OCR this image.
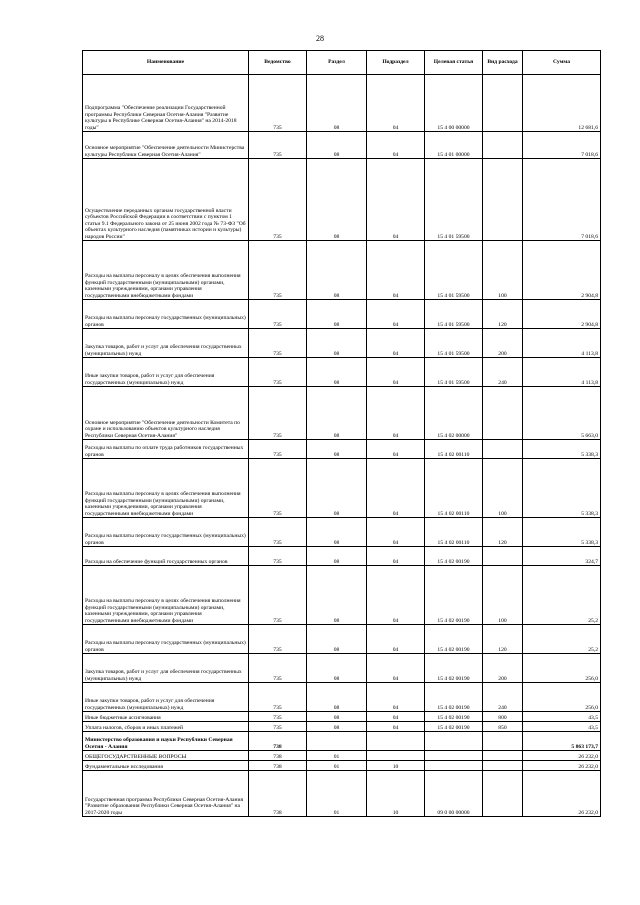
28
Наименование	Ведомство	Раздел	Подраздел	Целевая статья	Вид расхода	Сумма

Подпрограмма "Обеспечение реализации Государственной программы Республики Северная Осетия-Алания "Развитие культуры в Республике Северная Осетия-Алания" на 2014-2018 годы"	735	08	04	15 4 00 00000		12 681,6

Основное мероприятие "Обеспечение деятельности Министерства культуры Республики Северная Осетия-Алания"	735	08	04	15 4 01 00000		7 018,6

Осуществление переданных органам государственной власти субъектов Российской Федерации в соответствии с пунктом 1 статьи 9.1 Федерального закона от 25 июня 2002 года № 73-ФЗ "Об объектах культурного наследия (памятниках истории и культуры) народов России"	735	08	04	15 4 01 59500		7 018,6

Расходы на выплаты персоналу в целях обеспечения выполнения функций государственными (муниципальными) органами, казенными учреждениями, органами управления государственными внебюджетными фондами	735	08	04	15 4 01 59500	100	2 904,8

Расходы на выплаты персоналу государственных (муниципальных) органов	735	08	04	15 4 01 59500	120	2 904,8

Закупка товаров, работ и услуг для обеспечения государственных (муниципальных) нужд	735	08	04	15 4 01 59500	200	4 113,8

Иные закупки товаров, работ и услуг для обеспечения государственных (муниципальных) нужд	735	08	04	15 4 01 59500	240	4 113,8

Основное мероприятие "Обеспечение деятельности Комитета по охране и использованию объектов культурного наследия Республики Северная Осетия-Алания"	735	08	04	15 4 02 00000		5 663,0

Расходы на выплаты по оплате труда работников государственных органов	735	08	04	15 4 02 00110		5 338,3

Расходы на выплаты персоналу в целях обеспечения выполнения функций государственными (муниципальными) органами, казенными учреждениями, органами управления государственными внебюджетными фондами	735	08	04	15 4 02 00110	100	5 338,3

Расходы на выплаты персоналу государственных (муниципальных) органов	735	08	04	15 4 02 00110	120	5 338,3

Расходы на обеспечение функций государственных органов	735	08	04	15 4 02 00190		324,7

Расходы на выплаты персоналу в целях обеспечения выполнения функций государственными (муниципальными) органами, казенными учреждениями, органами управления государственными внебюджетными фондами	735	08	04	15 4 02 00190	100	25,2

Расходы на выплаты персоналу государственных (муниципальных) органов	735	08	04	15 4 02 00190	120	25,2

Закупка товаров, работ и услуг для обеспечения государственных (муниципальных) нужд	735	08	04	15 4 02 00190	200	256,0

Иные закупки товаров, работ и услуг для обеспечения государственных (муниципальных) нужд	735	08	04	15 4 02 00190	240	256,0

Иные бюджетные ассигнования	735	08	04	15 4 02 00190	800	43,5

Уплата налогов, сборов и иных платежей	735	08	04	15 4 02 00190	850	43,5

Министерство образования и науки Республики Северная Осетия - Алания	738					5 863 173,7

ОБЩЕГОСУДАРСТВЕННЫЕ ВОПРОСЫ	738	01				26 232,0

Фундаментальные исследования	738	01	10			26 232,0

Государственная программа Республики Северная Осетия-Алания "Развитие образования Республики Северная Осетия-Алания" на 2017-2020 годы	738	01	10	09 0 00 00000		26 232,0
